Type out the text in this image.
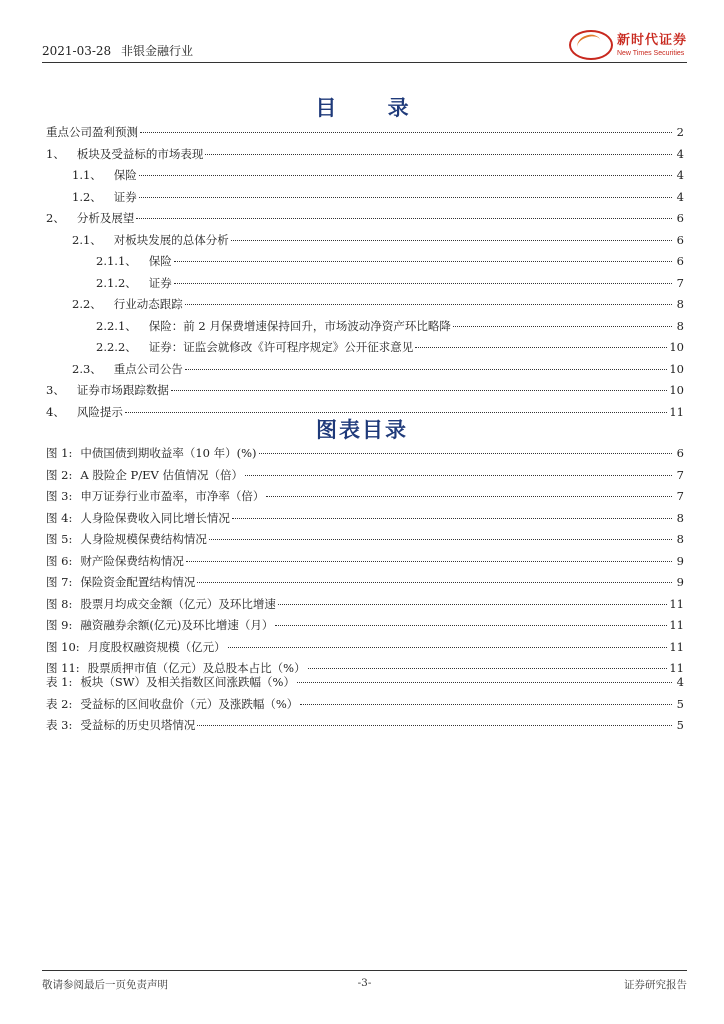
2021-03-28 非银金融行业
新时代证券
New Times Securities
目 录
重点公司盈利预测	2
1、 板块及受益标的市场表现	4
1.1、 保险	4
1.2、 证券	4
2、 分析及展望	6
2.1、 对板块发展的总体分析	6
2.1.1、 保险	6
2.1.2、 证券	7
2.2、 行业动态跟踪	8
2.2.1、 保险：前 2 月保费增速保持回升，市场波动净资产环比略降	8
2.2.2、 证券：证监会就修改《许可程序规定》公开征求意见	10
2.3、 重点公司公告	10
3、 证券市场跟踪数据	10
4、 风险提示	11
图表目录
图 1: 中债国债到期收益率（10 年）(%)	6
图 2: A 股险企 P/EV 估值情况（倍）	7
图 3: 申万证券行业市盈率，市净率（倍）	7
图 4: 人身险保费收入同比增长情况	8
图 5: 人身险规模保费结构情况	8
图 6: 财产险保费结构情况	9
图 7: 保险资金配置结构情况	9
图 8: 股票月均成交金额（亿元）及环比增速	11
图 9: 融资融券余额(亿元)及环比增速（月）	11
图 10: 月度股权融资规模（亿元）	11
图 11: 股票质押市值（亿元）及总股本占比（%）	11
表 1: 板块（SW）及相关指数区间涨跌幅（%）	4
表 2: 受益标的区间收盘价（元）及涨跌幅（%）	5
表 3: 受益标的历史贝塔情况	5
敬请参阅最后一页免责声明	-3-	证券研究报告
